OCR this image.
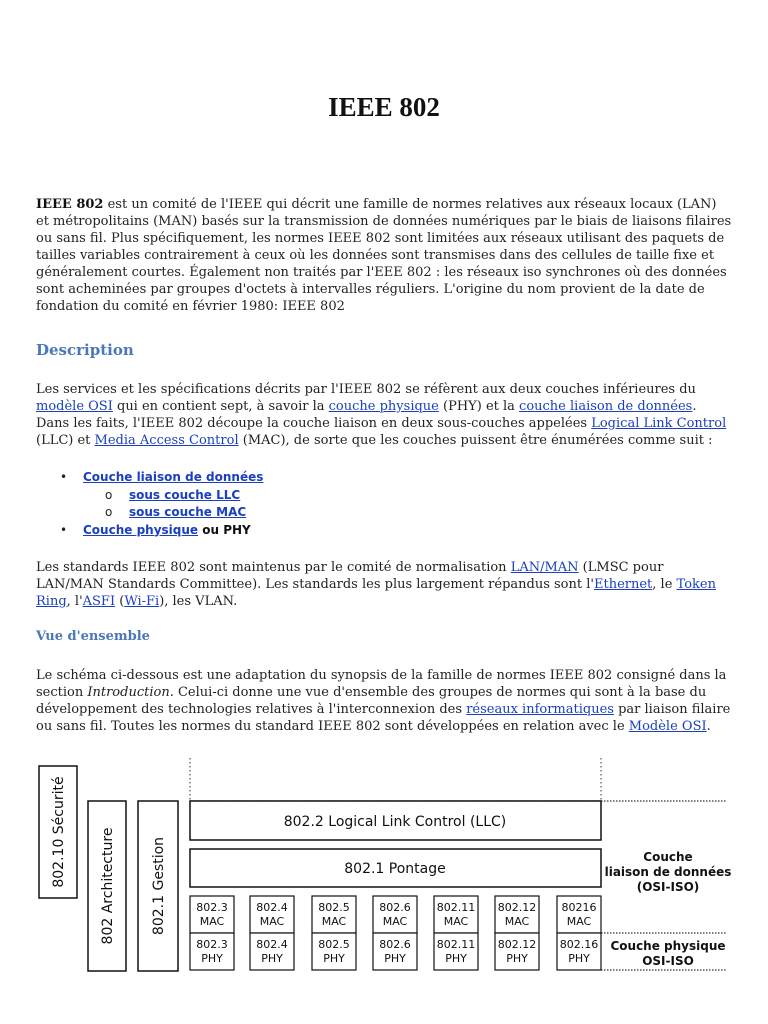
IEEE 802
IEEE 802 est un comité de l'IEEE qui décrit une famille de normes relatives aux réseaux locaux (LAN) et métropolitains (MAN) basés sur la transmission de données numériques par le biais de liaisons filaires ou sans fil. Plus spécifiquement, les normes IEEE 802 sont limitées aux réseaux utilisant des paquets de tailles variables contrairement à ceux où les données sont transmises dans des cellules de taille fixe et généralement courtes. Également non traités par l'EEE 802 : les réseaux iso synchrones où des données sont acheminées par groupes d'octets à intervalles réguliers. L'origine du nom provient de la date de fondation du comité en février 1980: IEEE 802
Description
Les services et les spécifications décrits par l'IEEE 802 se réfèrent aux deux couches inférieures du modèle OSI qui en contient sept, à savoir la couche physique (PHY) et la couche liaison de données.
Dans les faits, l'IEEE 802 découpe la couche liaison en deux sous-couches appelées Logical Link Control (LLC) et Media Access Control (MAC), de sorte que les couches puissent être énumérées comme suit :
• Couche liaison de données
o sous couche LLC
o sous couche MAC
• Couche physique ou PHY
Les standards IEEE 802 sont maintenus par le comité de normalisation LAN/MAN (LMSC pour LAN/MAN Standards Committee). Les standards les plus largement répandus sont l'Ethernet, le Token Ring, l'ASFI (Wi-Fi), les VLAN.
Vue d'ensemble
Le schéma ci-dessous est une adaptation du synopsis de la famille de normes IEEE 802 consigné dans la section Introduction. Celui-ci donne une vue d'ensemble des groupes de normes qui sont à la base du développement des technologies relatives à l'interconnexion des réseaux informatiques par liaison filaire ou sans fil. Toutes les normes du standard IEEE 802 sont développées en relation avec le Modèle OSI.
802.10 Sécurité 802 Architecture	802.1 Gestion
802.2 Logical Link Control (LLC)
802.1 Pontage
802.3
MAC
802.3
PHY
802.4
MAC
802.4
PHY
802.5
MAC
802.5
PHY
802.6
MAC
802.6
PHY
802.11
MAC
802.11
PHY
802.12
MAC
802.12
PHY
80216
MAC
802.16
PHY
Couche
liaison de données
(OSI-ISO)
Couche physique
OSI-ISO
